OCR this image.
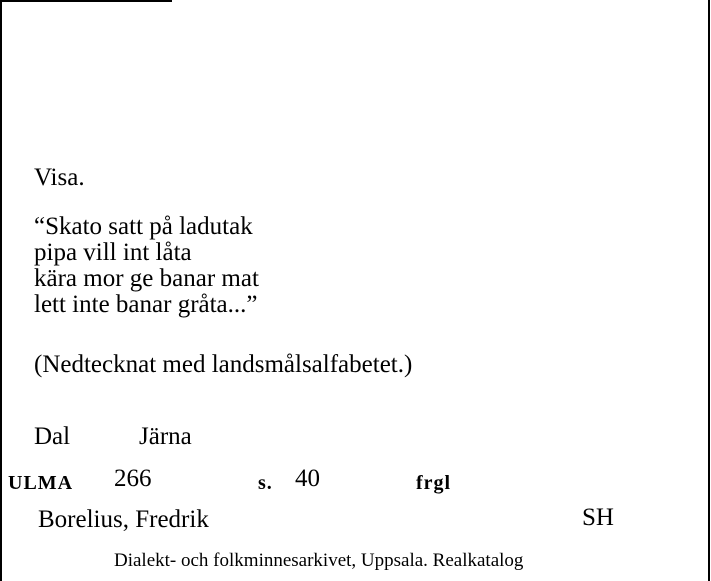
Visa.
“Skato satt på ladutak
pipa vill int låta
kära mor ge banar mat
lett inte banar gråta...”
(Nedtecknat med landsmålsalfabetet.)
Dal	Järna
ULMA 266	s. 40	frgl
Borelius, Fredrik	SH
Dialekt- och folkminnesarkivet, Uppsala. Realkatalog
